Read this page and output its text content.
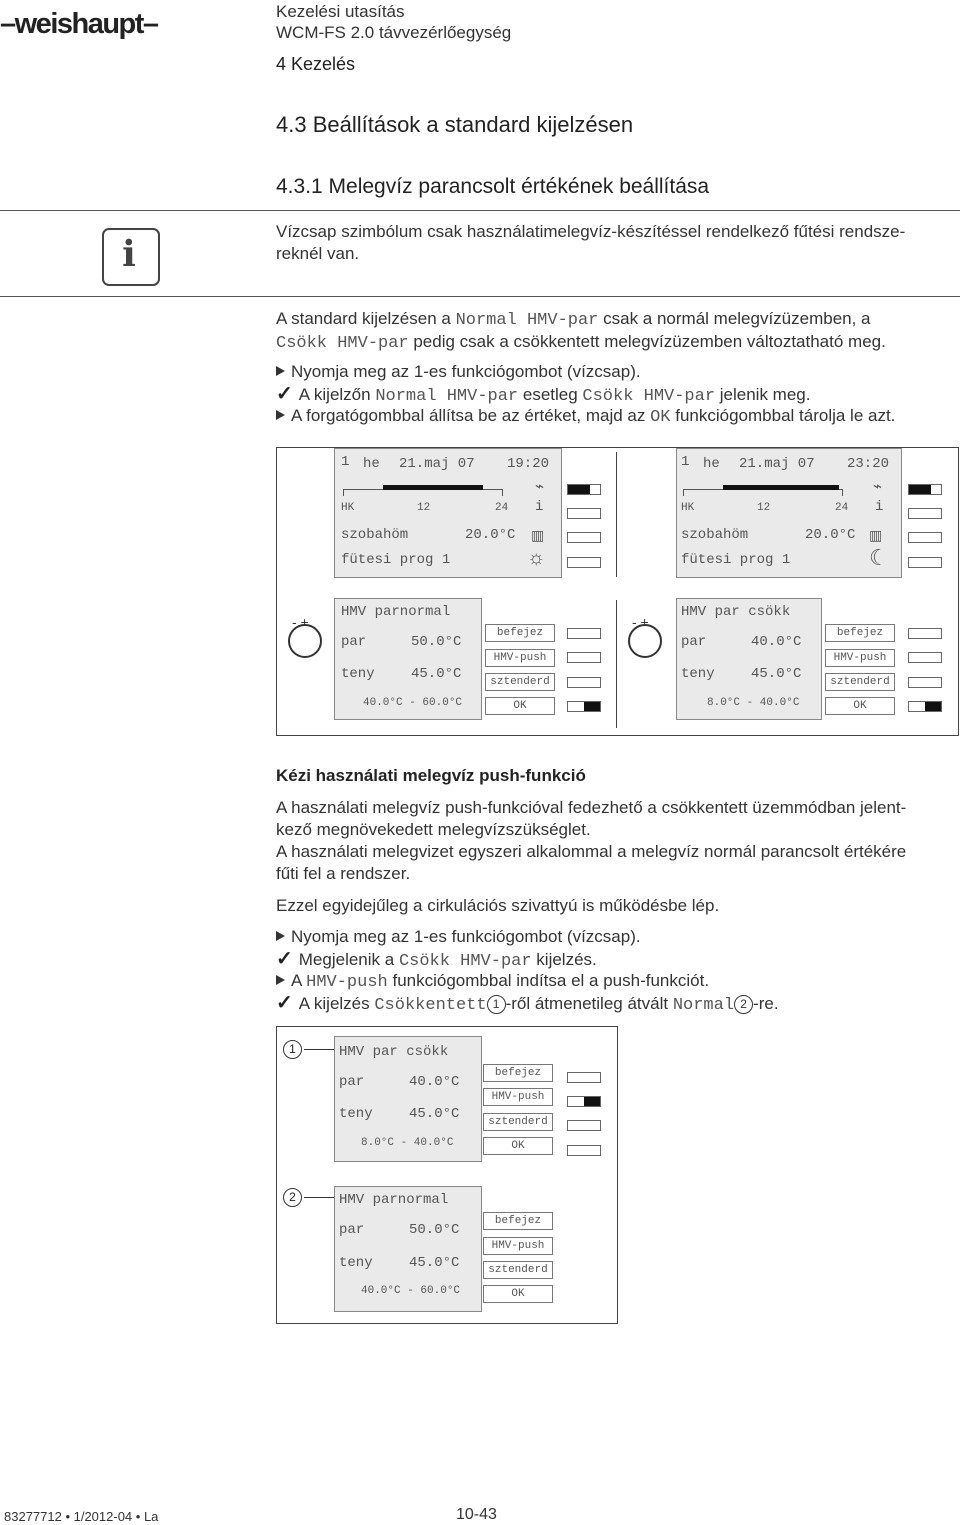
–weishaupt–	Kezelési utasítás
WCM-FS 2.0 távvezérlőegység
4 Kezelés
4.3 Beállítások a standard kijelzésen
4.3.1 Melegvíz parancsolt értékének beállítása
ℹ
Vízcsap szimbólum csak használatimelegvíz-készítéssel rendelkező fűtési rendsze-
reknél van.
A standard kijelzésen a Normal HMV-par csak a normál melegvízüzemben, a
Csökk HMV-par pedig csak a csökkentett melegvízüzemben változtatható meg.
Nyomja meg az 1-es funkciógombot (vízcsap).
✓ A kijelzőn Normal HMV-par esetleg Csökk HMV-par jelenik meg.
A forgatógombbal állítsa be az értéket, majd az OK funkciógombbal tárolja le azt.
1 he 21.maj 07 19:20
⌁
HK	12	24 i
szobahöm	20.0°C ▥
fütesi prog 1	☼
1 he 21.maj 07 23:20
⌁
HK	12	24 i
szobahöm	20.0°C ▥
fütesi prog 1	☾
- +
HMV parnormal
par	50.0°C
teny	45.0°C
40.0°C - 60.0°C
befejez
HMV-push
sztenderd
OK
- +
HMV par csökk
par	40.0°C
teny	45.0°C
8.0°C - 40.0°C
befejez
HMV-push
sztenderd
OK
Kézi használati melegvíz push-funkció
A használati melegvíz push-funkcióval fedezhető a csökkentett üzemmódban jelent-
kező megnövekedett melegvízszükséglet.
A használati melegvizet egyszeri alkalommal a melegvíz normál parancsolt értékére
fűti fel a rendszer.
Ezzel egyidejűleg a cirkulációs szivattyú is működésbe lép.
Nyomja meg az 1-es funkciógombot (vízcsap).
✓ Megjelenik a Csökk HMV-par kijelzés.
A HMV-push funkciógombbal indítsa el a push-funkciót.
✓ A kijelzés Csökkentett 1 -ről átmenetileg átvált Normal 2 -re.
1	HMV par csökk
par	40.0°C
teny	45.0°C
8.0°C - 40.0°C
befejez
HMV-push
sztenderd
OK
2	HMV parnormal
par	50.0°C
teny	45.0°C
40.0°C - 60.0°C
befejez
HMV-push
sztenderd
OK
83277712 • 1/2012-04 • La	10-43
